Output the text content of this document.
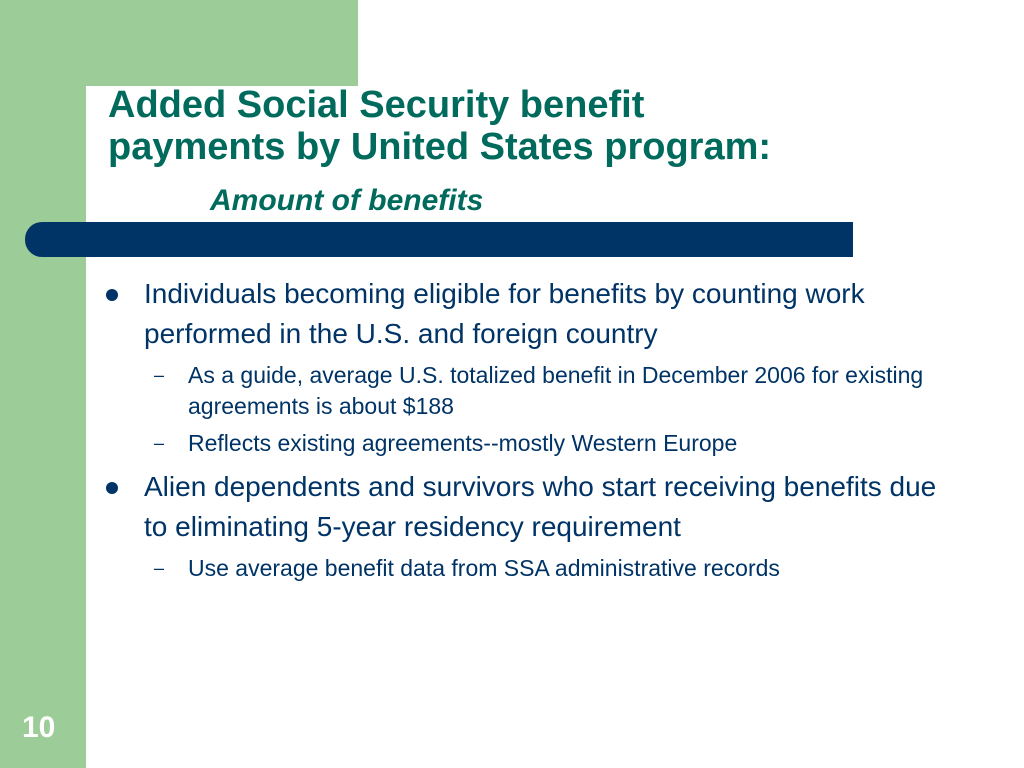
Added Social Security benefit
payments by United States program:
Amount of benefits
Individuals becoming eligible for benefits by counting work performed in the U.S. and foreign country
– As a guide, average U.S. totalized benefit in December 2006 for existing agreements is about $188
– Reflects existing agreements--mostly Western Europe
Alien dependents and survivors who start receiving benefits due to eliminating 5-year residency requirement
– Use average benefit data from SSA administrative records
10
